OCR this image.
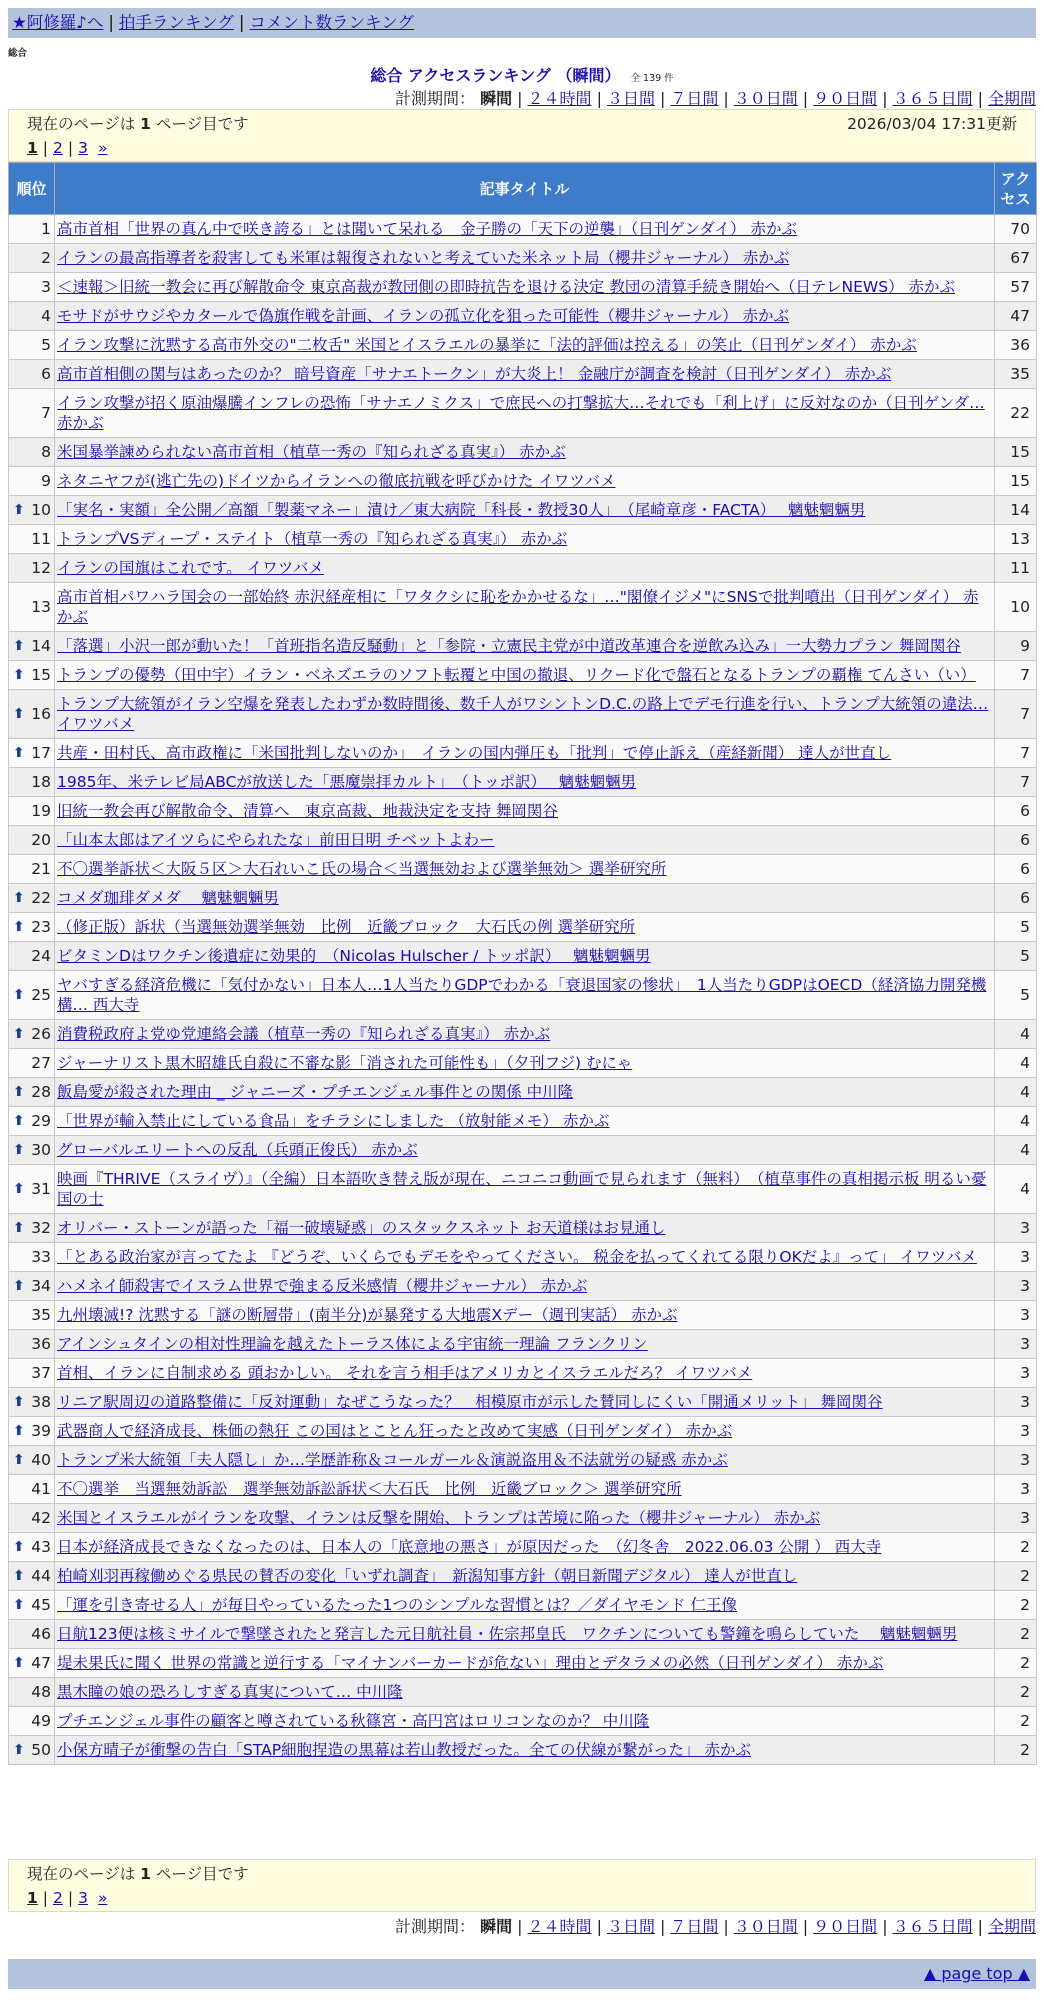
★阿修羅♪へ | 拍手ランキング | コメント数ランキング
総合
総合 アクセスランキング （瞬間） 全 139 件
計測期間： 瞬間 | ２４時間 | ３日間 | ７日間 | ３０日間 | ９０日間 | ３６５日間 | 全期間
現在のページは 1 ページ目です	2026/03/04 17:31更新
1 | 2 | 3 »
順位	記事タイトル	アクセス
1	高市首相「世界の真ん中で咲き誇る」とは聞いて呆れる　金子勝の「天下の逆襲」（日刊ゲンダイ） 赤かぶ	70
2	イランの最高指導者を殺害しても米軍は報復されないと考えていた米ネット局（櫻井ジャーナル） 赤かぶ	67
3	＜速報＞旧統一教会に再び解散命令 東京高裁が教団側の即時抗告を退ける決定 教団の清算手続き開始へ（日テレNEWS） 赤かぶ	57
4	モサドがサウジやカタールで偽旗作戦を計画、イランの孤立化を狙った可能性（櫻井ジャーナル） 赤かぶ	47
5	イラン攻撃に沈黙する高市外交の"二枚舌" 米国とイスラエルの暴挙に「法的評価は控える」の笑止（日刊ゲンダイ） 赤かぶ	36
6	高市首相側の関与はあったのか？ 暗号資産「サナエトークン」が大炎上！ 金融庁が調査を検討（日刊ゲンダイ） 赤かぶ	35
7	イラン攻撃が招く原油爆騰インフレの恐怖「サナエノミクス」で庶民への打撃拡大…それでも「利上げ」に反対なのか（日刊ゲンダ… 赤かぶ	22
8	米国暴挙諫められない高市首相（植草一秀の『知られざる真実』） 赤かぶ	15
9	ネタニヤフが(逃亡先の)ドイツからイランへの徹底抗戦を呼びかけた イワツバメ	15

⬆ 10	「実名・実額」全公開／高額「製薬マネー」漬け／東大病院「科長・教授30人」　（尾崎章彦・FACTA）　 魑魅魍魎男	14
11	トランプVSディープ・ステイト（植草一秀の『知られざる真実』） 赤かぶ	13
12	イランの国旗はこれです。 イワツバメ	11
13	高市首相パワハラ国会の一部始終 赤沢経産相に「ワタクシに恥をかかせるな」…"閣僚イジメ"にSNSで批判噴出（日刊ゲンダイ） 赤かぶ	10

⬆ 14	「落選」小沢一郎が動いた！「首班指名造反騒動」と「参院・立憲民主党が中道改革連合を逆飲み込み」一大勢力プラン 舞岡関谷	9

⬆ 15	トランプの優勢（田中宇）イラン・ベネズエラのソフト転覆と中国の撤退、リクード化で盤石となるトランプの覇権 てんさい（い）	7

⬆ 16	トランプ大統領がイラン空爆を発表したわずか数時間後、数千人がワシントンD.C.の路上でデモ行進を行い、トランプ大統領の違法… イワツバメ	7

⬆ 17	共産・田村氏、高市政権に「米国批判しないのか」　イランの国内弾圧も「批判」で停止訴え（産経新聞） 達人が世直し	7
18	1985年、米テレビ局ABCが放送した「悪魔崇拝カルト」　（トッポ訳）　 魑魅魍魎男	7
19	旧統一教会再び解散命令、清算へ　東京高裁、地裁決定を支持 舞岡関谷	6
20	「山本太郎はアイツらにやられたな」前田日明 チベットよわー	6
21	不〇選挙訴状＜大阪５区＞大石れいこ氏の場合＜当選無効および選挙無効＞ 選挙研究所	6

⬆ 22	コメダ珈琲ダメダ　 魑魅魍魎男	6

⬆ 23	（修正版）訴状（当選無効選挙無効　比例　近畿ブロック　大石氏の例 選挙研究所	5
24	ビタミンDはワクチン後遺症に効果的　（Nicolas Hulscher / トッポ訳）　 魑魅魍魎男	5

⬆ 25	ヤバすぎる経済危機に「気付かない」日本人…1人当たりGDPでわかる「衰退国家の惨状」　1人当たりGDPはOECD（経済協力開発機構… 西大寺	5

⬆ 26	消費税政府よ党ゆ党連絡会議（植草一秀の『知られざる真実』） 赤かぶ	4
27	ジャーナリスト黒木昭雄氏自殺に不審な影「消された可能性も」（夕刊フジ) むにゃ	4

⬆ 28	飯島愛が殺された理由 _ ジャニーズ・プチエンジェル事件との関係 中川隆	4

⬆ 29	「世界が輸入禁止にしている食品」をチラシにしました （放射能メモ） 赤かぶ	4

⬆ 30	グローバルエリートへの反乱（兵頭正俊氏） 赤かぶ	4

⬆ 31	映画『THRIVE（スライヴ）』（全編）日本語吹き替え版が現在、ニコニコ動画で見られます（無料）　（植草事件の真相掲示板 明るい憂国の士	4

⬆ 32	オリバー・ストーンが語った「福一破壊疑惑」のスタックスネット お天道様はお見通し	3
33	「とある政治家が言ってたよ 『どうぞ、いくらでもデモをやってください。 税金を払ってくれてる限りOKだよ』って」 イワツバメ	3

⬆ 34	ハメネイ師殺害でイスラム世界で強まる反米感情（櫻井ジャーナル） 赤かぶ	3
35	九州壊滅!? 沈黙する「謎の断層帯」(南半分)が暴発する大地震Xデー（週刊実話） 赤かぶ	3
36	アインシュタインの相対性理論を越えたトーラス体による宇宙統一理論 フランクリン	3
37	首相、イランに自制求める 頭おかしい。 それを言う相手はアメリカとイスラエルだろ？ イワツバメ	3

⬆ 38	リニア駅周辺の道路整備に「反対運動」なぜこうなった？　相模原市が示した賛同しにくい「開通メリット」 舞岡関谷	3

⬆ 39	武器商人で経済成長、株価の熱狂 この国はとことん狂ったと改めて実感（日刊ゲンダイ） 赤かぶ	3

⬆ 40	トランプ米大統領「夫人隠し」か…学歴詐称＆コールガール＆演説盗用＆不法就労の疑惑 赤かぶ	3
41	不〇選挙　当選無効訴訟　選挙無効訴訟訴状＜大石氏　比例　近畿ブロック＞ 選挙研究所	3
42	米国とイスラエルがイランを攻撃、イランは反撃を開始、トランプは苦境に陥った（櫻井ジャーナル） 赤かぶ	3

⬆ 43	日本が経済成長できなくなったのは、日本人の「底意地の悪さ」が原因だった　（幻冬舎　2022.06.03 公開 ） 西大寺	2

⬆ 44	柏崎刈羽再稼働めぐる県民の賛否の変化「いずれ調査」　新潟知事方針（朝日新聞デジタル） 達人が世直し	2

⬆ 45	「運を引き寄せる人」が毎日やっているたった1つのシンプルな習慣とは？／ダイヤモンド 仁王像	2
46	日航123便は核ミサイルで撃墜されたと発言した元日航社員・佐宗邦皇氏　ワクチンについても警鐘を鳴らしていた　 魑魅魍魎男	2

⬆ 47	堤未果氏に聞く 世界の常識と逆行する「マイナンバーカードが危ない」理由とデタラメの必然（日刊ゲンダイ） 赤かぶ	2
48	黒木瞳の娘の恐ろしすぎる真実について… 中川隆	2
49	プチエンジェル事件の顧客と噂されている秋篠宮・高円宮はロリコンなのか？ 中川隆	2

⬆ 50	小保方晴子が衝撃の告白「STAP細胞捏造の黒幕は若山教授だった。全ての伏線が繋がった」 赤かぶ	2
現在のページは 1 ページ目です
1 | 2 | 3 »
計測期間： 瞬間 | ２４時間 | ３日間 | ７日間 | ３０日間 | ９０日間 | ３６５日間 | 全期間
▲ page top ▲
